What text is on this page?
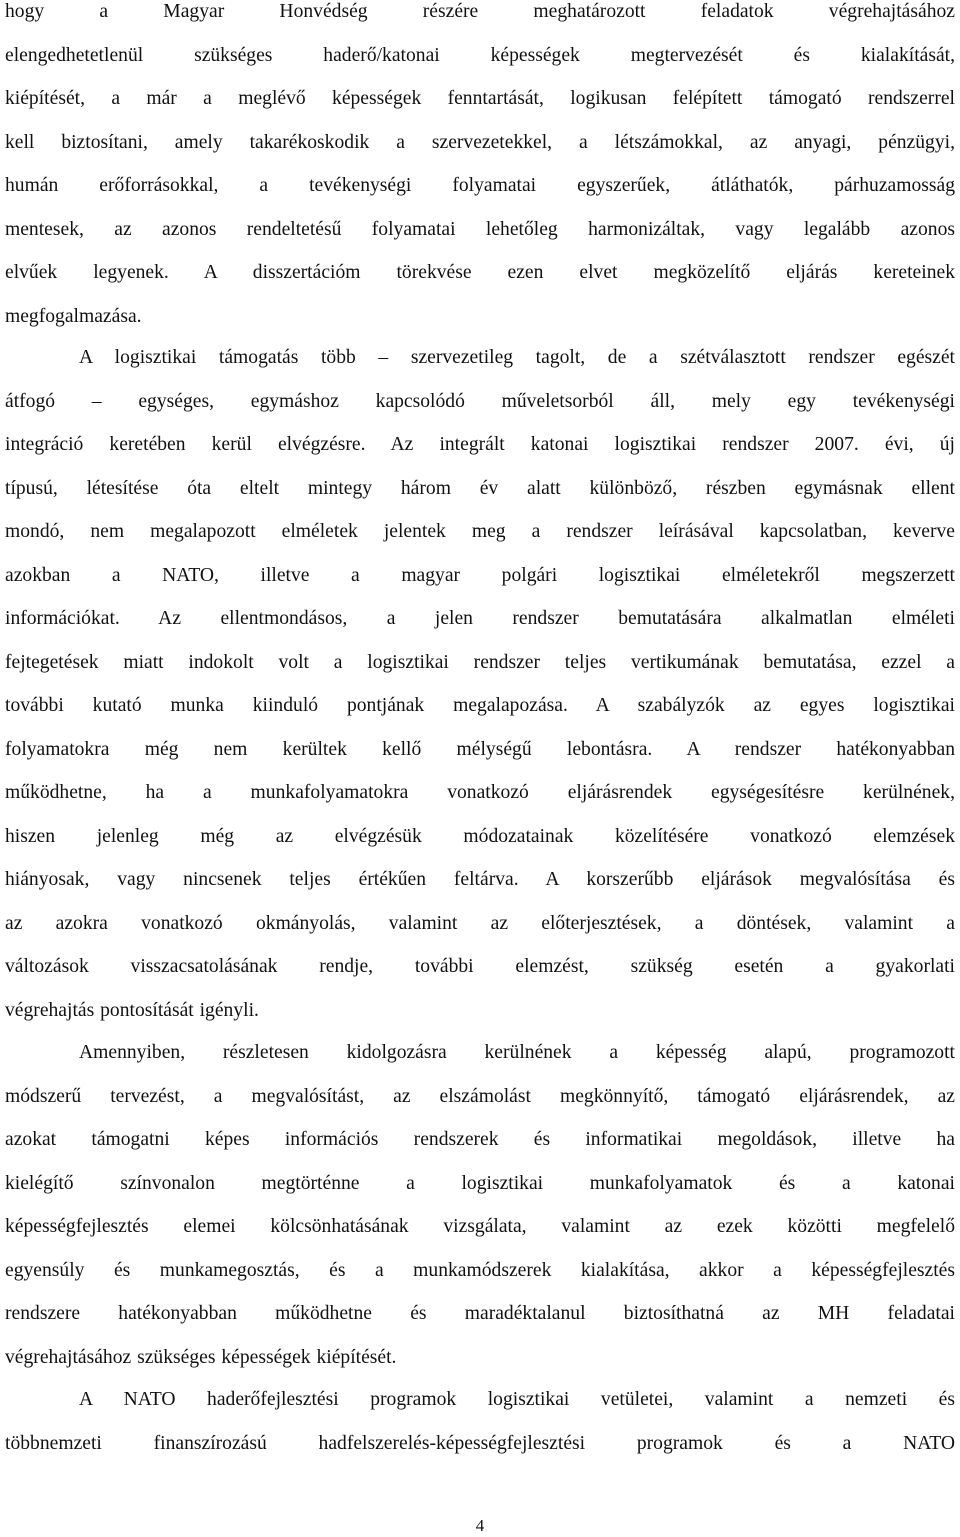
hogy a Magyar Honvédség részére meghatározott feladatok végrehajtásához
elengedhetetlenül szükséges haderő/katonai képességek megtervezését és kialakítását,
kiépítését, a már a meglévő képességek fenntartását, logikusan felépített támogató rendszerrel
kell biztosítani, amely takarékoskodik a szervezetekkel, a létszámokkal, az anyagi, pénzügyi,
humán erőforrásokkal, a tevékenységi folyamatai egyszerűek, átláthatók, párhuzamosság
mentesek, az azonos rendeltetésű folyamatai lehetőleg harmonizáltak, vagy legalább azonos
elvűek legyenek. A disszertációm törekvése ezen elvet megközelítő eljárás kereteinek
megfogalmazása.
A logisztikai támogatás több – szervezetileg tagolt, de a szétválasztott rendszer egészét
átfogó – egységes, egymáshoz kapcsolódó műveletsorból áll, mely egy tevékenységi
integráció keretében kerül elvégzésre. Az integrált katonai logisztikai rendszer 2007. évi, új
típusú, létesítése óta eltelt mintegy három év alatt különböző, részben egymásnak ellent
mondó, nem megalapozott elméletek jelentek meg a rendszer leírásával kapcsolatban, keverve
azokban a NATO, illetve a magyar polgári logisztikai elméletekről megszerzett
információkat. Az ellentmondásos, a jelen rendszer bemutatására alkalmatlan elméleti
fejtegetések miatt indokolt volt a logisztikai rendszer teljes vertikumának bemutatása, ezzel a
további kutató munka kiinduló pontjának megalapozása. A szabályzók az egyes logisztikai
folyamatokra még nem kerültek kellő mélységű lebontásra. A rendszer hatékonyabban
működhetne, ha a munkafolyamatokra vonatkozó eljárásrendek egységesítésre kerülnének,
hiszen jelenleg még az elvégzésük módozatainak közelítésére vonatkozó elemzések
hiányosak, vagy nincsenek teljes értékűen feltárva. A korszerűbb eljárások megvalósítása és
az azokra vonatkozó okmányolás, valamint az előterjesztések, a döntések, valamint a
változások visszacsatolásának rendje, további elemzést, szükség esetén a gyakorlati
végrehajtás pontosítását igényli.
Amennyiben, részletesen kidolgozásra kerülnének a képesség alapú, programozott
módszerű tervezést, a megvalósítást, az elszámolást megkönnyítő, támogató eljárásrendek, az
azokat támogatni képes információs rendszerek és informatikai megoldások, illetve ha
kielégítő színvonalon megtörténne a logisztikai munkafolyamatok és a katonai
képességfejlesztés elemei kölcsönhatásának vizsgálata, valamint az ezek közötti megfelelő
egyensúly és munkamegosztás, és a munkamódszerek kialakítása, akkor a képességfejlesztés
rendszere hatékonyabban működhetne és maradéktalanul biztosíthatná az MH feladatai
végrehajtásához szükséges képességek kiépítését.
A NATO haderőfejlesztési programok logisztikai vetületei, valamint a nemzeti és
többnemzeti finanszírozású hadfelszerelés-képességfejlesztési programok és a NATO
4
